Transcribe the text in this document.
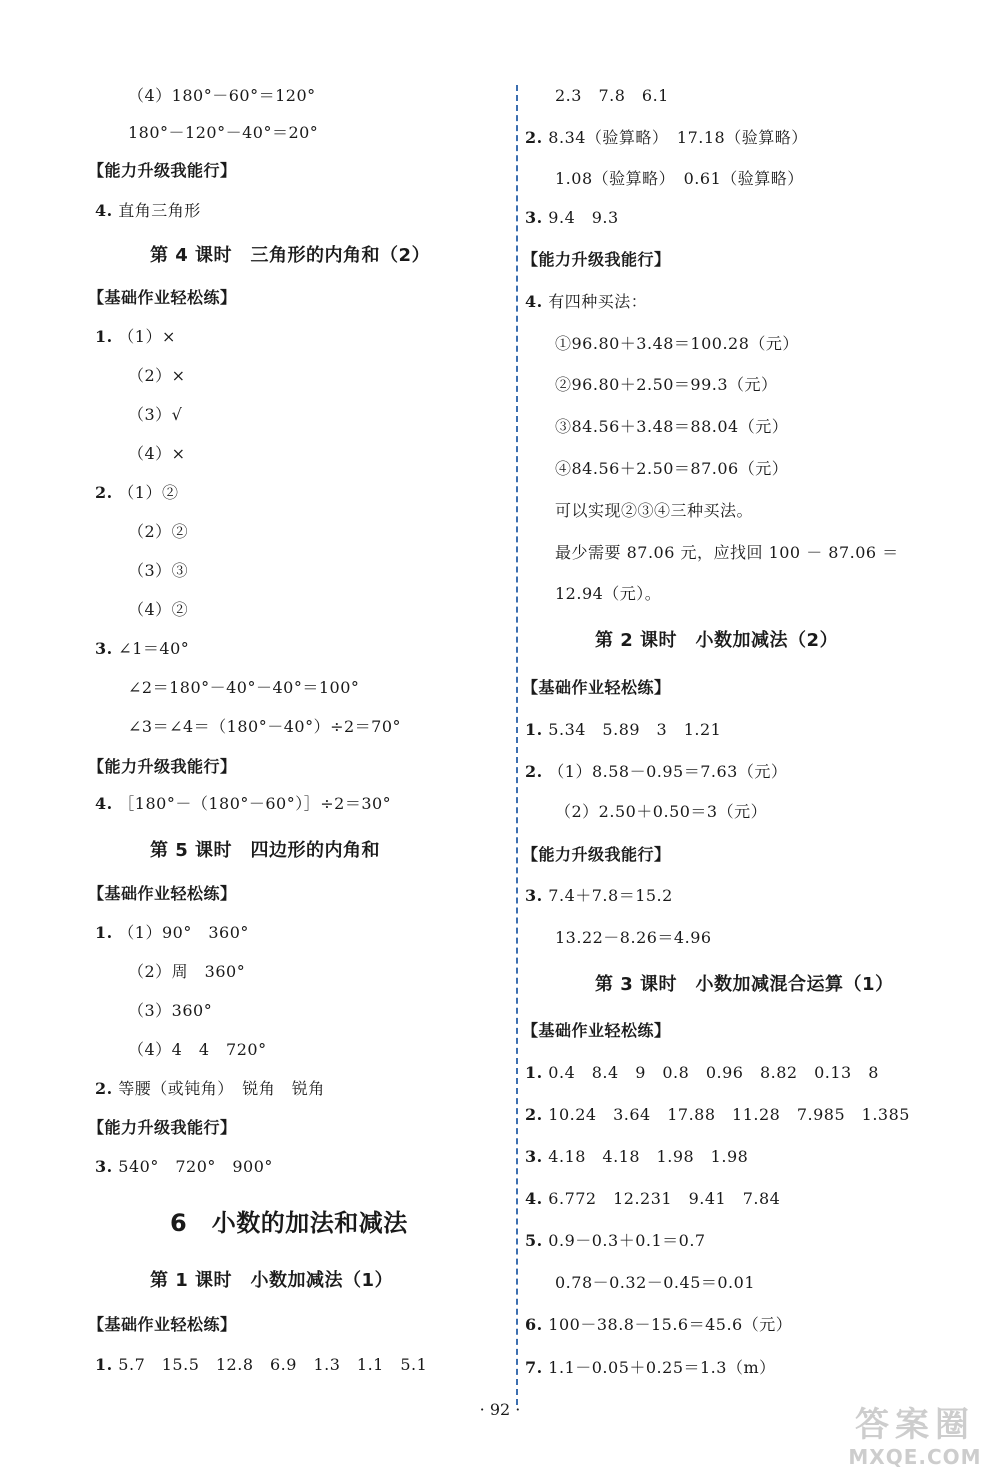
（4）180°－60°＝120°
180°－120°－40°＝20°
【能力升级我能行】
4. 直角三角形
第 4 课时　三角形的内角和（2）
【基础作业轻松练】
1. （1）×
（2）×
（3）√
（4）×
2. （1）②
（2）②
（3）③
（4）②
3. ∠1＝40°
∠2＝180°－40°－40°＝100°
∠3＝∠4＝（180°－40°）÷2＝70°
【能力升级我能行】
4. ［180°－（180°－60°）］÷2＝30°
第 5 课时　四边形的内角和
【基础作业轻松练】
1. （1）90°　360°
（2）周　360°
（3）360°
（4）4　4　720°
2. 等腰（或钝角）　锐角　锐角
【能力升级我能行】
3. 540°　720°　900°
6　小数的加法和减法
第 1 课时　小数加减法（1）
【基础作业轻松练】
1. 5.7　15.5　12.8　6.9　1.3　1.1　5.1
2.3　7.8　6.1
2. 8.34（验算略）　17.18（验算略）
1.08（验算略）　0.61（验算略）
3. 9.4　9.3
【能力升级我能行】
4. 有四种买法：
①96.80＋3.48＝100.28（元）
②96.80＋2.50＝99.3（元）
③84.56＋3.48＝88.04（元）
④84.56＋2.50＝87.06（元）
可以实现②③④三种买法。
最少需要 87.06 元，应找回 100 － 87.06 ＝
12.94（元）。
第 2 课时　小数加减法（2）
【基础作业轻松练】
1. 5.34　5.89　3　1.21
2. （1）8.58－0.95＝7.63（元）
（2）2.50＋0.50＝3（元）
【能力升级我能行】
3. 7.4＋7.8＝15.2
13.22－8.26＝4.96
第 3 课时　小数加减混合运算（1）
【基础作业轻松练】
1. 0.4　8.4　9　0.8　0.96　8.82　0.13　8
2. 10.24　3.64　17.88　11.28　7.985　1.385
3. 4.18　4.18　1.98　1.98
4. 6.772　12.231　9.41　7.84
5. 0.9－0.3＋0.1＝0.7
0.78－0.32－0.45＝0.01
6. 100－38.8－15.6＝45.6（元）
7. 1.1－0.05＋0.25＝1.3（m）
· 92 ·	答案圈
MXQE.COM
